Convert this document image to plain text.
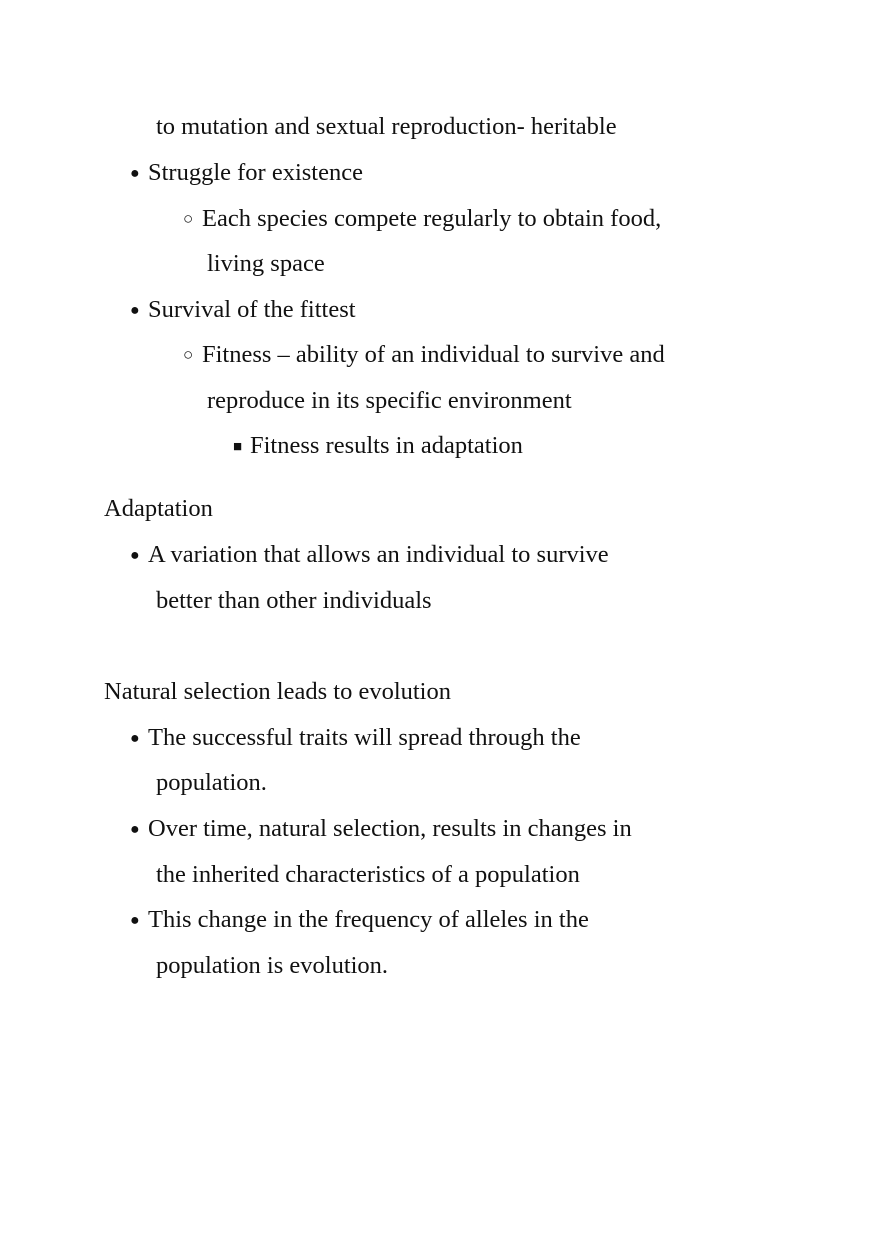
to mutation and sextual reproduction- heritable
● Struggle for existence
○ Each species compete regularly to obtain food,
living space
● Survival of the fittest
○ Fitness – ability of an individual to survive and
reproduce in its specific environment
■ Fitness results in adaptation
Adaptation
● A variation that allows an individual to survive
better than other individuals
Natural selection leads to evolution
● The successful traits will spread through the
population.
● Over time, natural selection, results in changes in
the inherited characteristics of a population
● This change in the frequency of alleles in the
population is evolution.
